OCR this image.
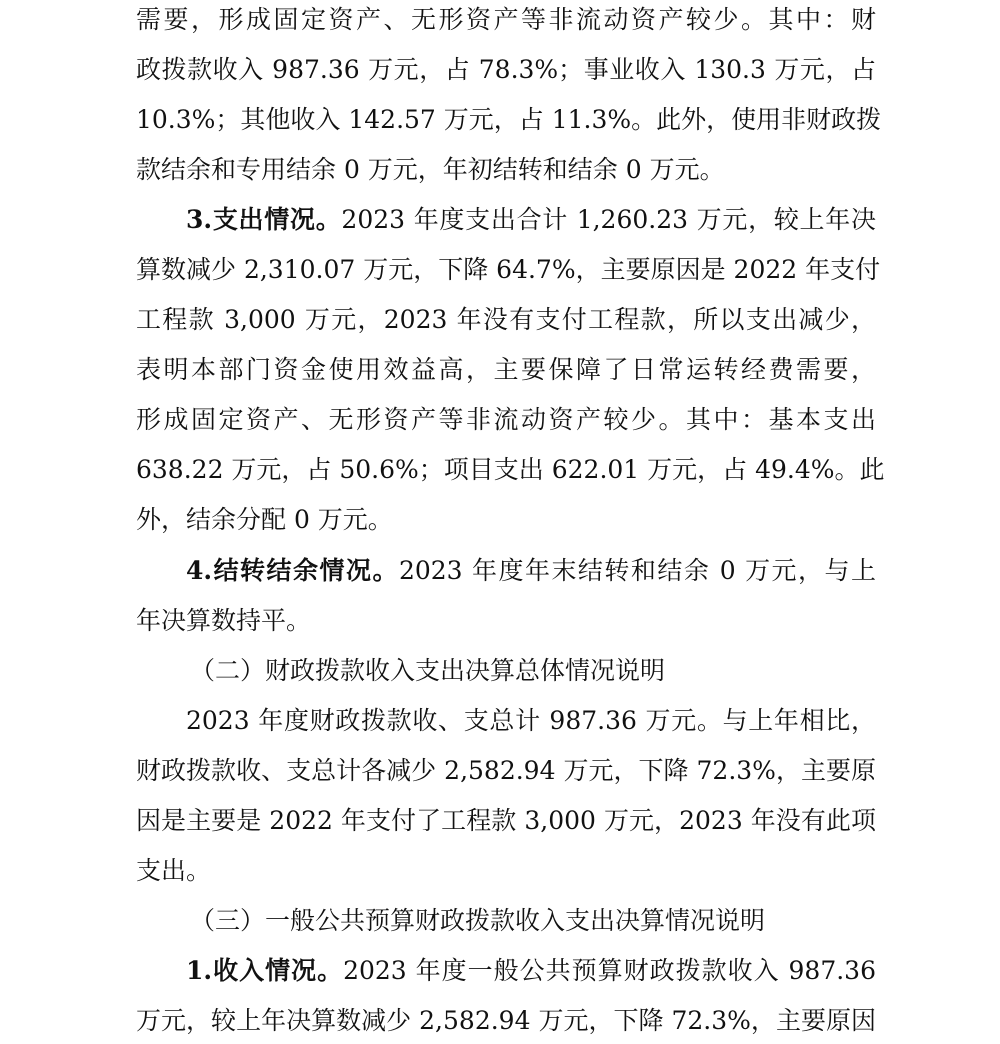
需要，形成固定资产、无形资产等非流动资产较少。其中：财
政拨款收入 987.36 万元，占 78.3%；事业收入 130.3 万元，占
10.3%；其他收入 142.57 万元，占 11.3%。此外，使用非财政拨
款结余和专用结余 0 万元，年初结转和结余 0 万元。
3.支出情况。2023 年度支出合计 1,260.23 万元，较上年决
算数减少 2,310.07 万元，下降 64.7%，主要原因是 2022 年支付
工程款 3,000 万元，2023 年没有支付工程款，所以支出减少，
表明本部门资金使用效益高，主要保障了日常运转经费需要，
形成固定资产、无形资产等非流动资产较少。其中：基本支出
638.22 万元，占 50.6%；项目支出 622.01 万元，占 49.4%。此
外，结余分配 0 万元。
4.结转结余情况。2023 年度年末结转和结余 0 万元，与上
年决算数持平。
（二）财政拨款收入支出决算总体情况说明
2023 年度财政拨款收、支总计 987.36 万元。与上年相比，
财政拨款收、支总计各减少 2,582.94 万元，下降 72.3%，主要原
因是主要是 2022 年支付了工程款 3,000 万元，2023 年没有此项
支出。
（三）一般公共预算财政拨款收入支出决算情况说明
1.收入情况。2023 年度一般公共预算财政拨款收入 987.36
万元，较上年决算数减少 2,582.94 万元，下降 72.3%，主要原因
